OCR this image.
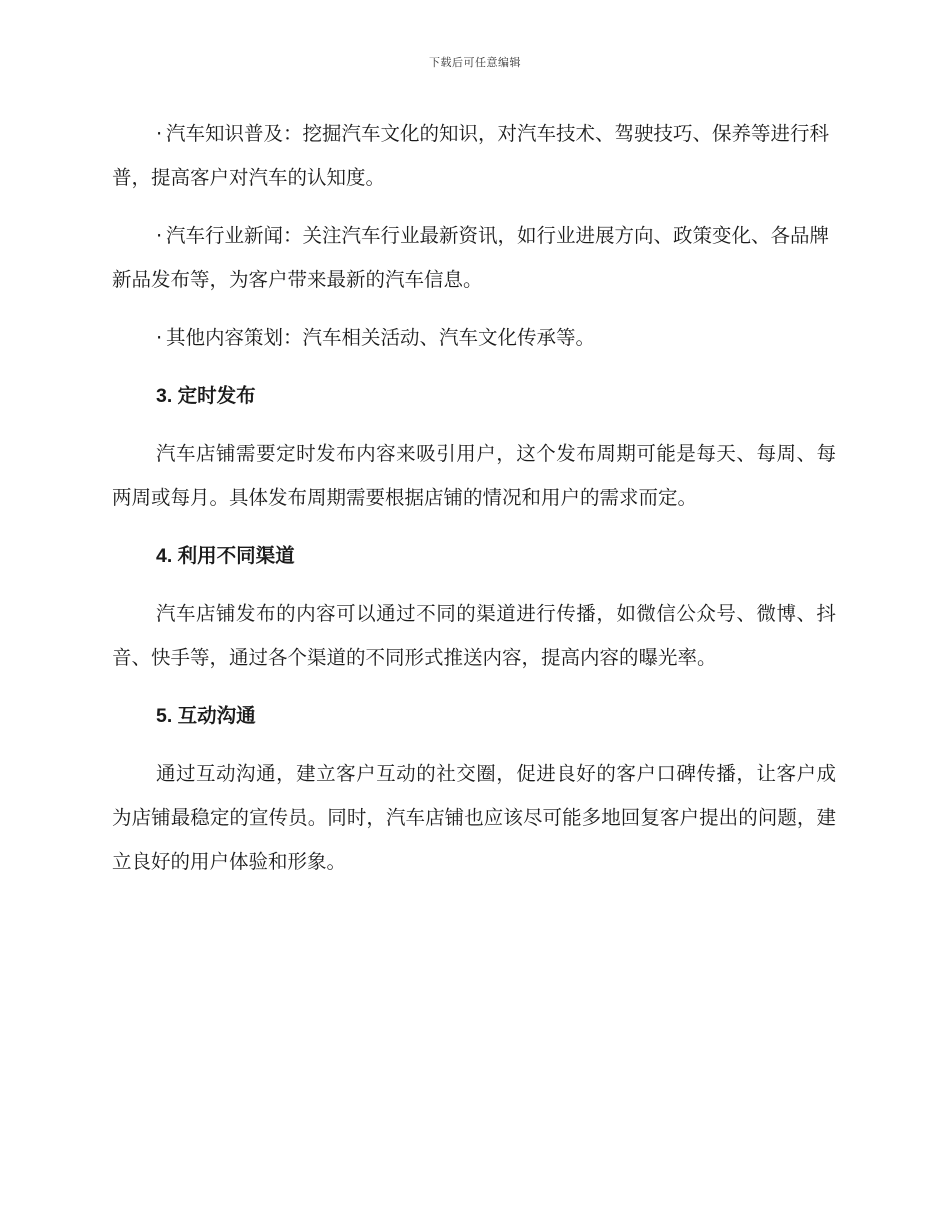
下载后可任意编辑

· 汽车知识普及：挖掘汽车文化的知识，对汽车技术、驾驶技巧、保养等进行科普，提高客户对汽车的认知度。

· 汽车行业新闻：关注汽车行业最新资讯，如行业进展方向、政策变化、各品牌新品发布等，为客户带来最新的汽车信息。

· 其他内容策划：汽车相关活动、汽车文化传承等。

3. 定时发布

汽车店铺需要定时发布内容来吸引用户，这个发布周期可能是每天、每周、每两周或每月。具体发布周期需要根据店铺的情况和用户的需求而定。

4. 利用不同渠道

汽车店铺发布的内容可以通过不同的渠道进行传播，如微信公众号、微博、抖音、快手等，通过各个渠道的不同形式推送内容，提高内容的曝光率。

5. 互动沟通

通过互动沟通，建立客户互动的社交圈，促进良好的客户口碑传播，让客户成为店铺最稳定的宣传员。同时，汽车店铺也应该尽可能多地回复客户提出的问题，建立良好的用户体验和形象。
